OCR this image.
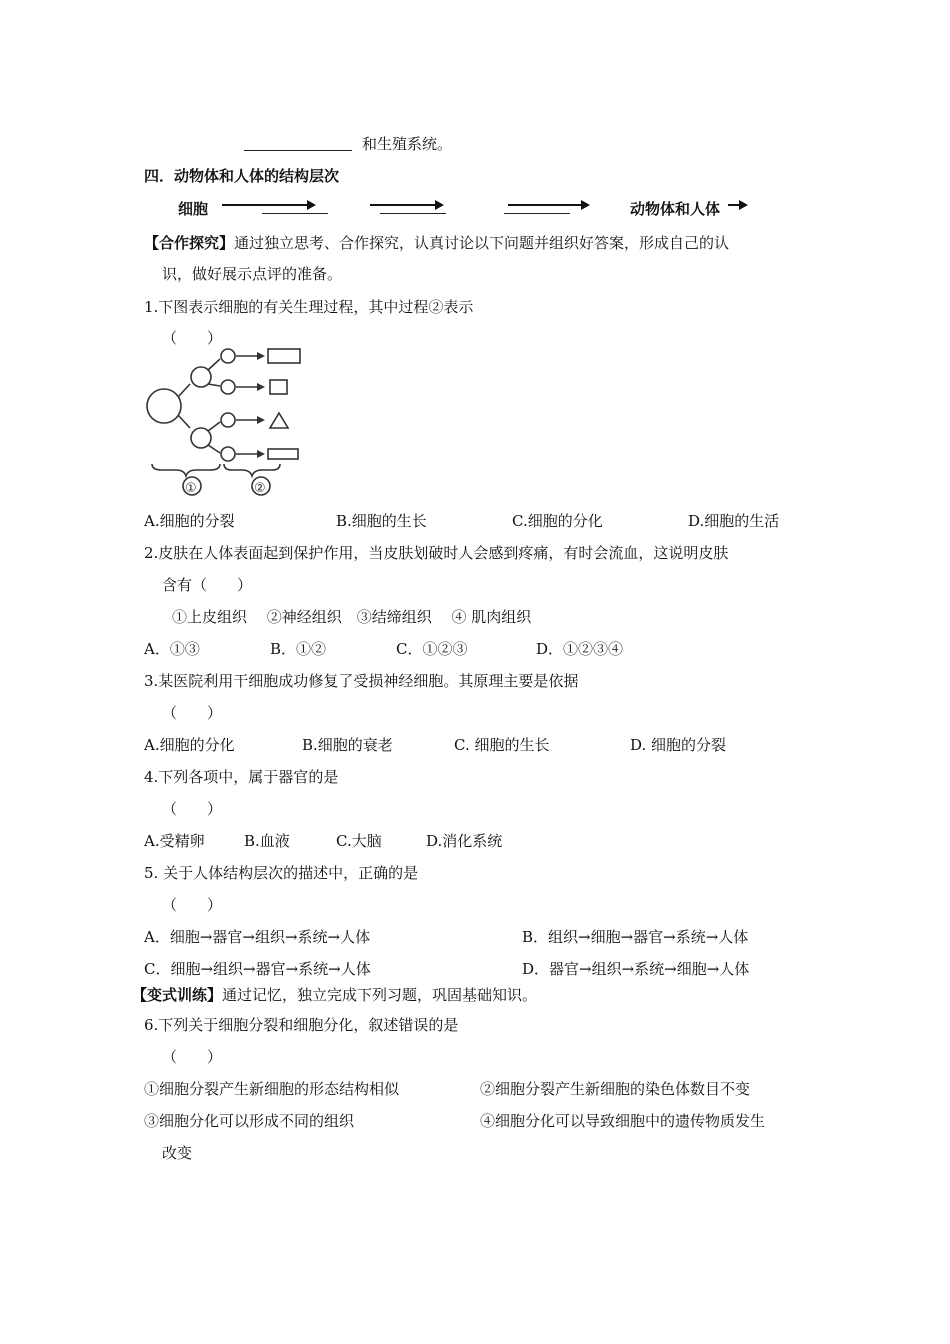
和生殖系统。
四．动物体和人体的结构层次
细胞	动物体和人体
【合作探究】通过独立思考、合作探究，认真讨论以下问题并组织好答案，形成自己的认
识，做好展示点评的准备。
1.下图表示细胞的有关生理过程，其中过程②表示
（　　）
①	②
A.细胞的分裂	B.细胞的生长	C.细胞的分化	D.细胞的生活
2.皮肤在人体表面起到保护作用，当皮肤划破时人会感到疼痛，有时会流血，这说明皮肤
含有（　　）
①上皮组织　 ②神经组织　③结缔组织　 ④ 肌肉组织
A．①③	B．①②	C．①②③	D．①②③④
3.某医院利用干细胞成功修复了受损神经细胞。其原理主要是依据
（　　）
A.细胞的分化	B.细胞的衰老	C. 细胞的生长	D. 细胞的分裂
4.下列各项中，属于器官的是
（　　）
A.受精卵	B.血液	C.大脑	D.消化系统
5. 关于人体结构层次的描述中，正确的是
（　　）
A．细胞→器官→组织→系统→人体	B．组织→细胞→器官→系统→人体
C．细胞→组织→器官→系统→人体	D．器官→组织→系统→细胞→人体
【变式训练】通过记忆，独立完成下列习题，巩固基础知识。
6.下列关于细胞分裂和细胞分化，叙述错误的是
（　　）
①细胞分裂产生新细胞的形态结构相似	②细胞分裂产生新细胞的染色体数目不变
③细胞分化可以形成不同的组织	④细胞分化可以导致细胞中的遗传物质发生
改变
